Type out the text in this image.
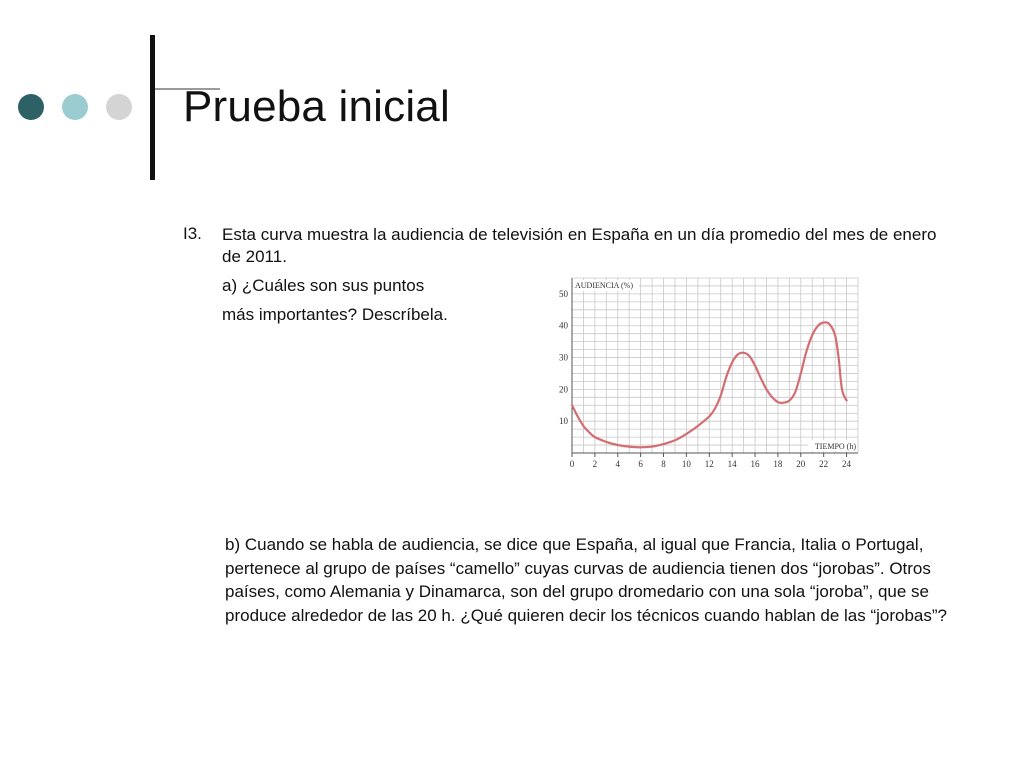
Prueba inicial
I3. Esta curva muestra la audiencia de televisión en España en un día promedio del mes de enero de 2011.
a) ¿Cuáles son sus puntos
más importantes? Descríbela.
0 2 4 6 8 10 12 14 16 18 20 22 24
10
20
30
40
50
AUDIENCIA (%)
TIEMPO (h)
b) Cuando se habla de audiencia, se dice que España, al igual que Francia, Italia o Portugal, pertenece al grupo de países “camello” cuyas curvas de audiencia tienen dos “jorobas”. Otros países, como Alemania y Dinamarca, son del grupo dromedario con una sola “joroba”, que se produce alrededor de las 20 h. ¿Qué quieren decir los técnicos cuando hablan de las “jorobas”?
